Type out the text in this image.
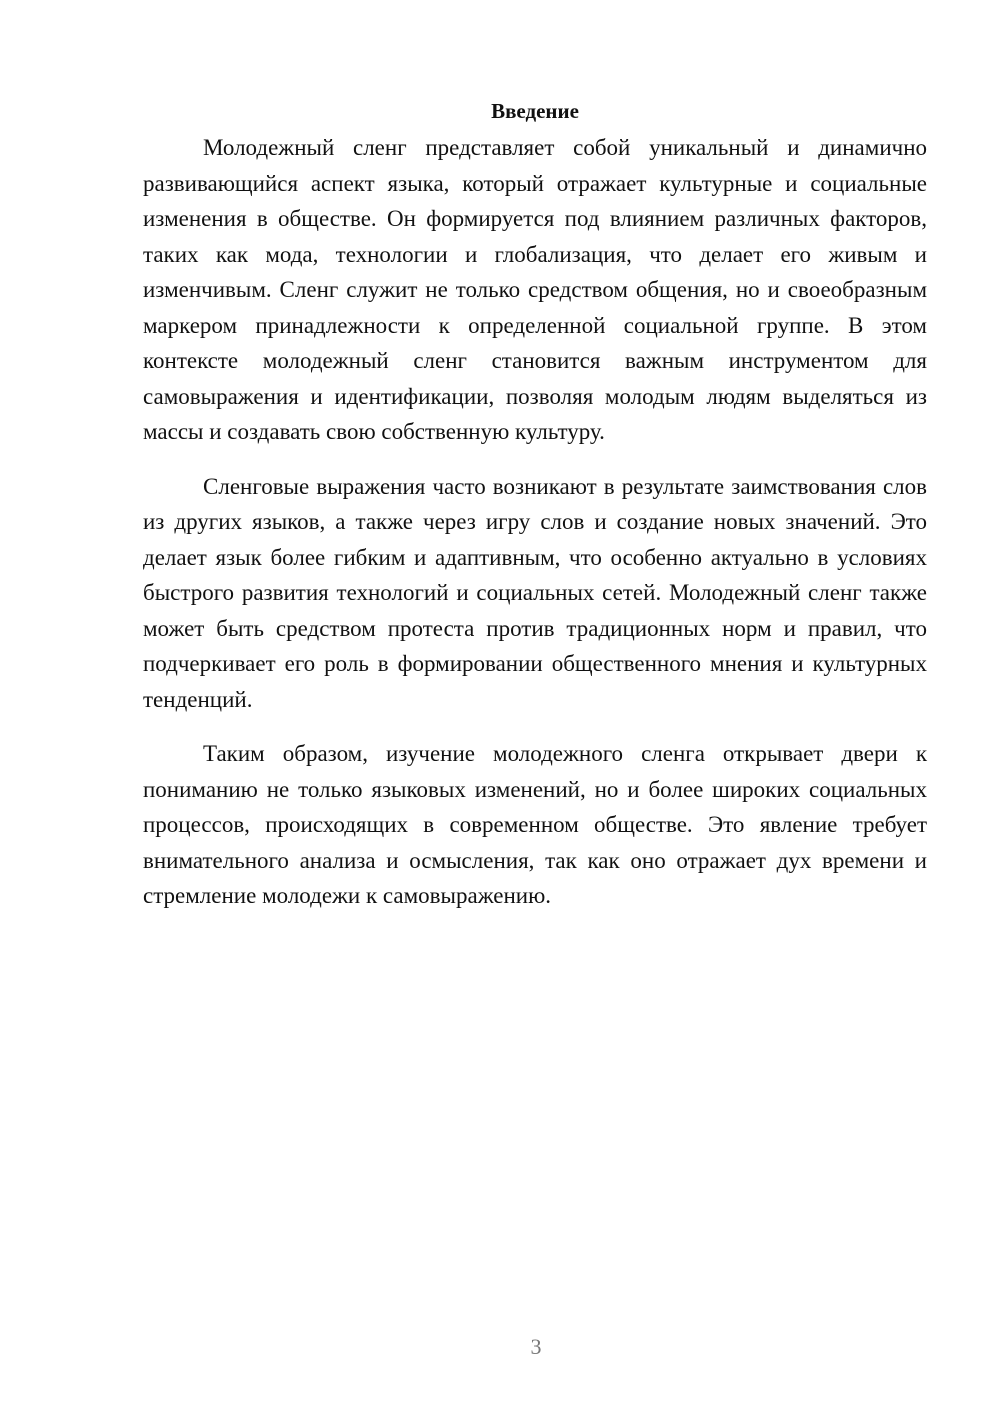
Введение

Молодежный сленг представляет собой уникальный и динамично развивающийся аспект языка, который отражает культурные и социальные изменения в обществе. Он формируется под влиянием различных факторов, таких как мода, технологии и глобализация, что делает его живым и изменчивым. Сленг служит не только средством общения, но и своеобразным маркером принадлежности к определенной социальной группе. В этом контексте молодежный сленг становится важным инструментом для самовыражения и идентификации, позволяя молодым людям выделяться из массы и создавать свою собственную культуру.

Сленговые выражения часто возникают в результате заимствования слов из других языков, а также через игру слов и создание новых значений. Это делает язык более гибким и адаптивным, что особенно актуально в условиях быстрого развития технологий и социальных сетей. Молодежный сленг также может быть средством протеста против традиционных норм и правил, что подчеркивает его роль в формировании общественного мнения и культурных тенденций.

Таким образом, изучение молодежного сленга открывает двери к пониманию не только языковых изменений, но и более широких социальных процессов, происходящих в современном обществе. Это явление требует внимательного анализа и осмысления, так как оно отражает дух времени и стремление молодежи к самовыражению.

3
